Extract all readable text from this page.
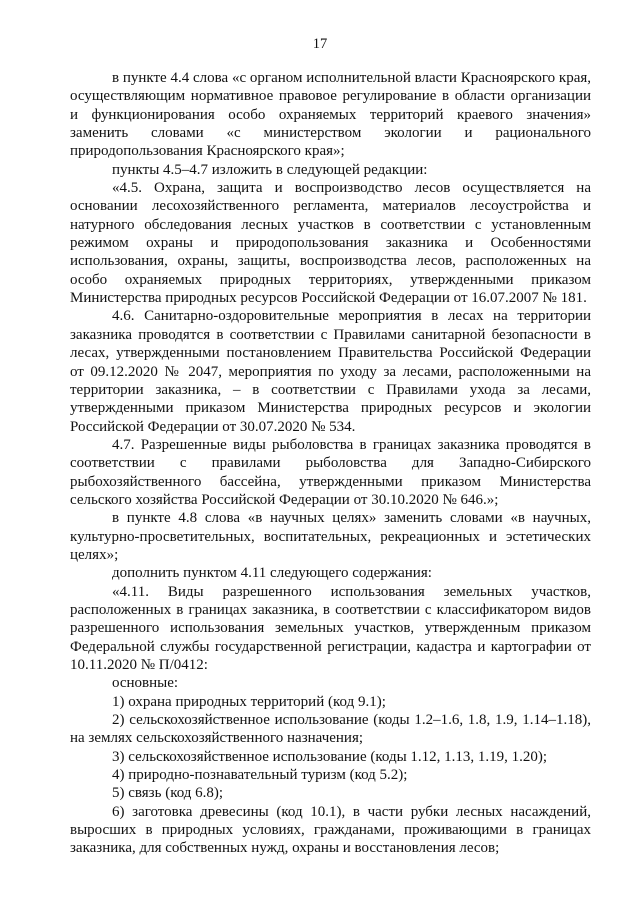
17

в пункте 4.4 слова «с органом исполнительной власти Красноярского края, осуществляющим нормативное правовое регулирование в области организации и функционирования особо охраняемых территорий краевого значения» заменить словами «с министерством экологии и рационального природопользования Красноярского края»;

пункты 4.5–4.7 изложить в следующей редакции:

«4.5. Охрана, защита и воспроизводство лесов осуществляется на основании лесохозяйственного регламента, материалов лесоустройства и натурного обследования лесных участков в соответствии с установленным режимом охраны и природопользования заказника и Особенностями использования, охраны, защиты, воспроизводства лесов, расположенных на особо охраняемых природных территориях, утвержденными приказом Министерства природных ресурсов Российской Федерации от 16.07.2007 № 181.

4.6. Санитарно-оздоровительные мероприятия в лесах на территории заказника проводятся в соответствии с Правилами санитарной безопасности в лесах, утвержденными постановлением Правительства Российской Федерации от 09.12.2020 № 2047, мероприятия по уходу за лесами, расположенными на территории заказника, – в соответствии с Правилами ухода за лесами, утвержденными приказом Министерства природных ресурсов и экологии Российской Федерации от 30.07.2020 № 534.

4.7. Разрешенные виды рыболовства в границах заказника проводятся в соответствии с правилами рыболовства для Западно-Сибирского рыбохозяйственного бассейна, утвержденными приказом Министерства сельского хозяйства Российской Федерации от 30.10.2020 № 646.»;

в пункте 4.8 слова «в научных целях» заменить словами «в научных, культурно-просветительных, воспитательных, рекреационных и эстетических целях»;

дополнить пунктом 4.11 следующего содержания:

«4.11. Виды разрешенного использования земельных участков, расположенных в границах заказника, в соответствии с классификатором видов разрешенного использования земельных участков, утвержденным приказом Федеральной службы государственной регистрации, кадастра и картографии от 10.11.2020 № П/0412:

основные:

1) охрана природных территорий (код 9.1);

2) сельскохозяйственное использование (коды 1.2–1.6, 1.8, 1.9, 1.14–1.18), на землях сельскохозяйственного назначения;

3) сельскохозяйственное использование (коды 1.12, 1.13, 1.19, 1.20);

4) природно-познавательный туризм (код 5.2);

5) связь (код 6.8);

6) заготовка древесины (код 10.1), в части рубки лесных насаждений, выросших в природных условиях, гражданами, проживающими в границах заказника, для собственных нужд, охраны и восстановления лесов;
